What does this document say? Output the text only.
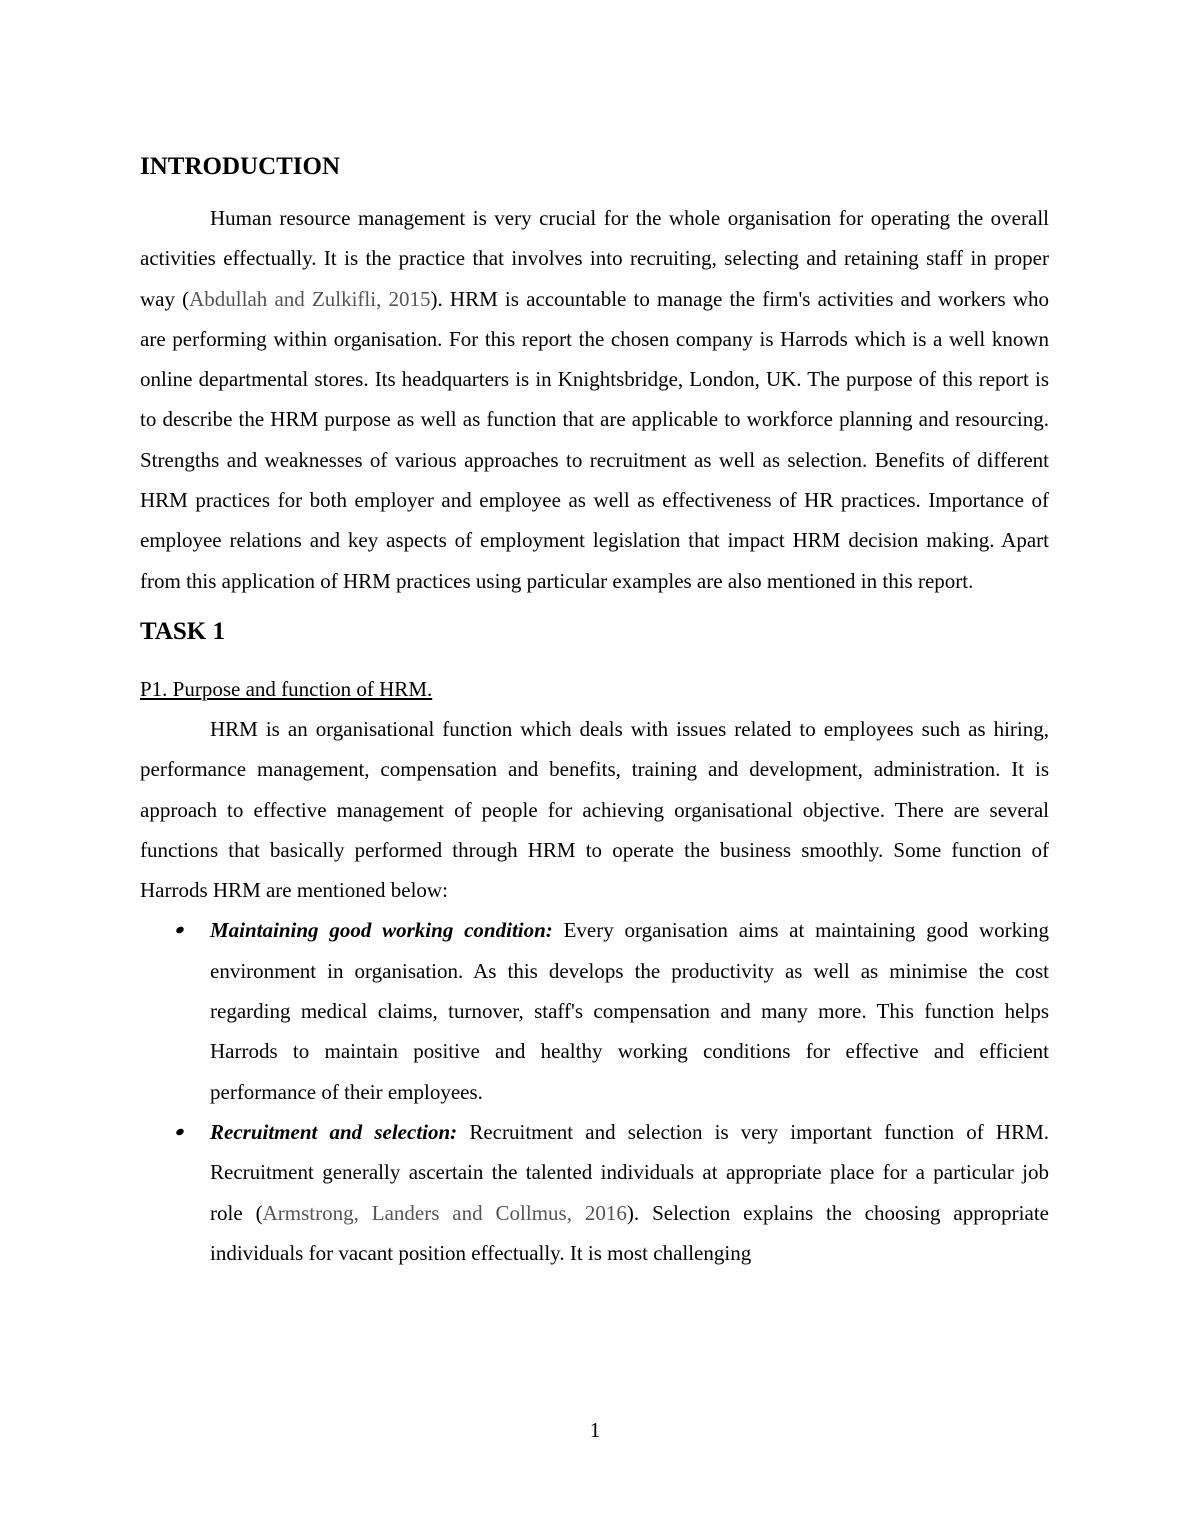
INTRODUCTION

Human resource management is very crucial for the whole organisation for operating the overall activities effectually. It is the practice that involves into recruiting, selecting and retaining staff in proper way (Abdullah and Zulkifli, 2015). HRM is accountable to manage the firm's activities and workers who are performing within organisation. For this report the chosen company is Harrods which is a well known online departmental stores. Its headquarters is in Knightsbridge, London, UK. The purpose of this report is to describe the HRM purpose as well as function that are applicable to workforce planning and resourcing. Strengths and weaknesses of various approaches to recruitment as well as selection. Benefits of different HRM practices for both employer and employee as well as effectiveness of HR practices. Importance of employee relations and key aspects of employment legislation that impact HRM decision making. Apart from this application of HRM practices using particular examples are also mentioned in this report.

TASK 1

P1. Purpose and function of HRM.

HRM is an organisational function which deals with issues related to employees such as hiring, performance management, compensation and benefits, training and development, administration. It is approach to effective management of people for achieving organisational objective. There are several functions that basically performed through HRM to operate the business smoothly. Some function of Harrods HRM are mentioned below:

Maintaining good working condition: Every organisation aims at maintaining good working environment in organisation. As this develops the productivity as well as minimise the cost regarding medical claims, turnover, staff's compensation and many more. This function helps Harrods to maintain positive and healthy working conditions for effective and efficient performance of their employees.
Recruitment and selection: Recruitment and selection is very important function of HRM. Recruitment generally ascertain the talented individuals at appropriate place for a particular job role (Armstrong, Landers and Collmus, 2016). Selection explains the choosing appropriate individuals for vacant position effectually. It is most challenging
1
